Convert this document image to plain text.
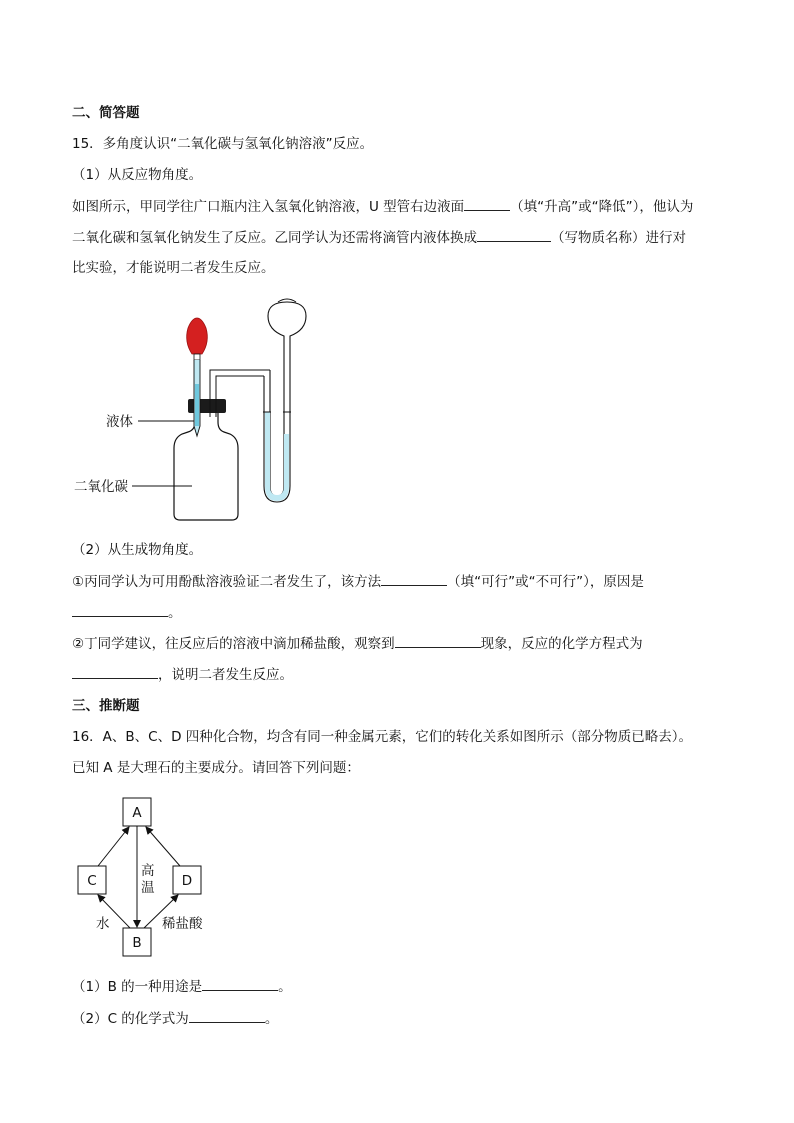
二、简答题
15．多角度认识“二氧化碳与氢氧化钠溶液”反应。
（1）从反应物角度。
如图所示，甲同学往广口瓶内注入氢氧化钠溶液，U 型管右边液面	（填“升高”或“降低”），他认为
二氧化碳和氢氧化钠发生了反应。乙同学认为还需将滴管内液体换成	（写物质名称）进行对
比实验，才能说明二者发生反应。
液体
二氧化碳
（2）从生成物角度。
①丙同学认为可用酚酞溶液验证二者发生了，该方法	（填“可行”或“不可行”），原因是
。
②丁同学建议，往反应后的溶液中滴加稀盐酸，观察到	现象，反应的化学方程式为
，说明二者发生反应。
三、推断题
16．A、B、C、D 四种化合物，均含有同一种金属元素，它们的转化关系如图所示（部分物质已略去）。
已知 A 是大理石的主要成分。请回答下列问题：
A
C	D
B
高
温
水	稀盐酸
（1）B 的一种用途是	。
（2）C 的化学式为	。
